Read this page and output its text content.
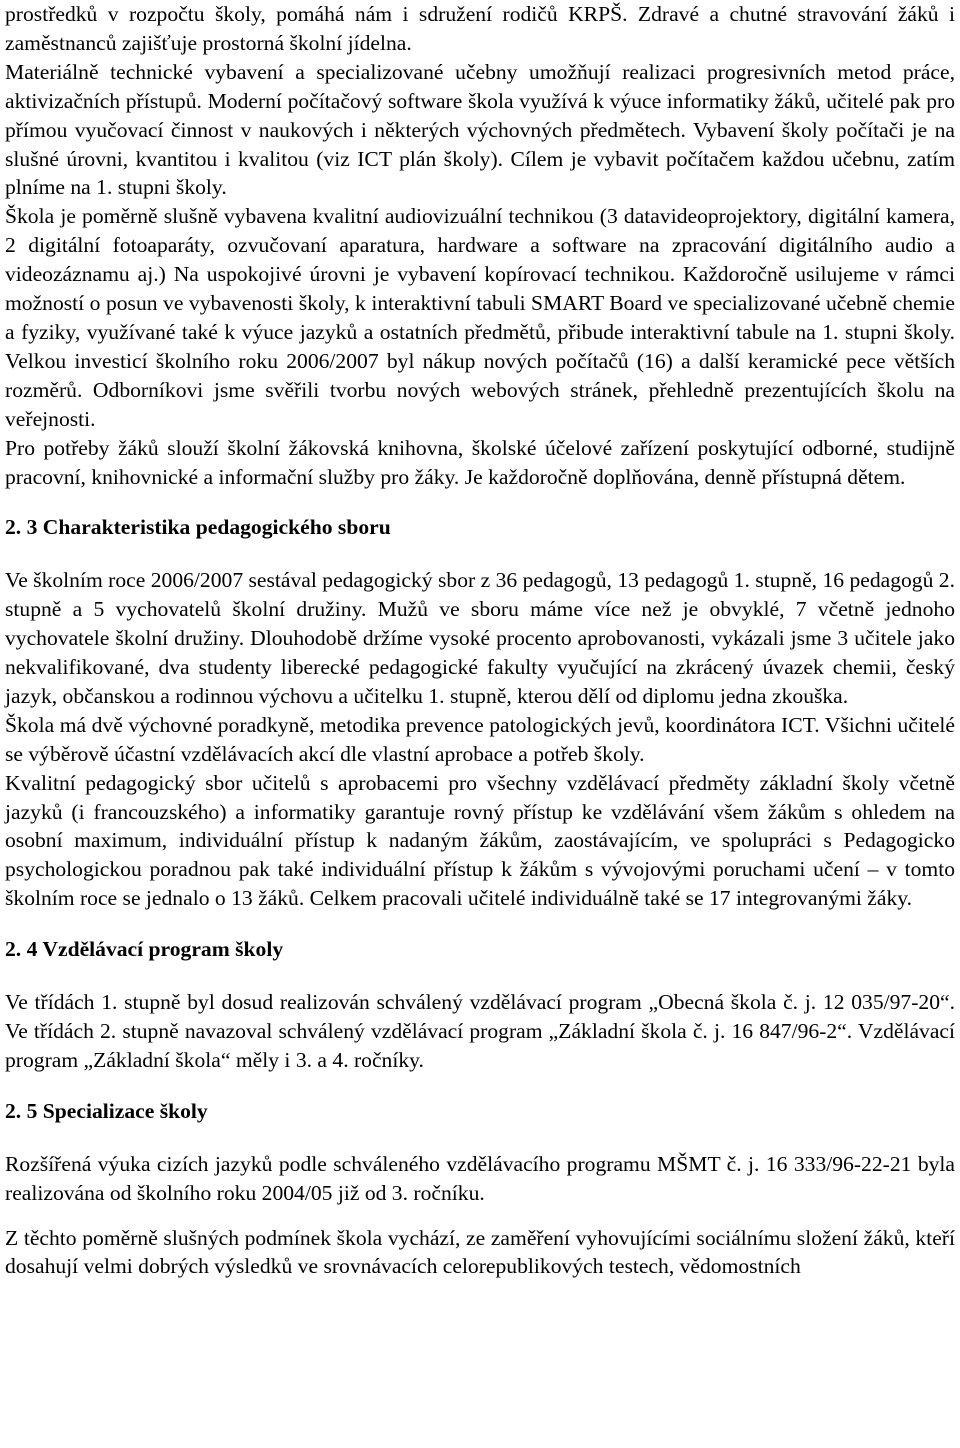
prostředků v rozpočtu školy, pomáhá nám i sdružení rodičů KRPŠ. Zdravé a chutné stravování žáků i zaměstnanců zajišťuje prostorná školní jídelna.

Materiálně technické vybavení a specializované učebny umožňují realizaci progresivních metod práce, aktivizačních přístupů. Moderní počítačový software škola využívá k výuce informatiky žáků, učitelé pak pro přímou vyučovací činnost v naukových i některých výchovných předmětech. Vybavení školy počítači je na slušné úrovni, kvantitou i kvalitou (viz ICT plán školy). Cílem je vybavit počítačem každou učebnu, zatím plníme na 1. stupni školy.

Škola je poměrně slušně vybavena kvalitní audiovizuální technikou (3 datavideoprojektory, digitální kamera, 2 digitální fotoaparáty, ozvučovaní aparatura, hardware a software na zpracování digitálního audio a videozáznamu aj.) Na uspokojivé úrovni je vybavení kopírovací technikou. Každoročně usilujeme v rámci možností o posun ve vybavenosti školy, k interaktivní tabuli SMART Board ve specializované učebně chemie a fyziky, využívané také k výuce jazyků a ostatních předmětů, přibude interaktivní tabule na 1. stupni školy. Velkou investicí školního roku 2006/2007 byl nákup nových počítačů (16) a další keramické pece větších rozměrů. Odborníkovi jsme svěřili tvorbu nových webových stránek, přehledně prezentujících školu na veřejnosti.

Pro potřeby žáků slouží školní žákovská knihovna, školské účelové zařízení poskytující odborné, studijně pracovní, knihovnické a informační služby pro žáky. Je každoročně doplňována, denně přístupná dětem.

2. 3 Charakteristika pedagogického sboru

Ve školním roce 2006/2007 sestával pedagogický sbor z 36 pedagogů, 13 pedagogů 1. stupně, 16 pedagogů 2. stupně a 5 vychovatelů školní družiny. Mužů ve sboru máme více než je obvyklé, 7 včetně jednoho vychovatele školní družiny. Dlouhodobě držíme vysoké procento aprobovanosti, vykázali jsme 3 učitele jako nekvalifikované, dva studenty liberecké pedagogické fakulty vyučující na zkrácený úvazek chemii, český jazyk, občanskou a rodinnou výchovu a učitelku 1. stupně, kterou dělí od diplomu jedna zkouška.

Škola má dvě výchovné poradkyně, metodika prevence patologických jevů, koordinátora ICT. Všichni učitelé se výběrově účastní vzdělávacích akcí dle vlastní aprobace a potřeb školy.

Kvalitní pedagogický sbor učitelů s aprobacemi pro všechny vzdělávací předměty základní školy včetně jazyků (i francouzského) a informatiky garantuje rovný přístup ke vzdělávání všem žákům s ohledem na osobní maximum, individuální přístup k nadaným žákům, zaostávajícím, ve spolupráci s Pedagogicko psychologickou poradnou pak také individuální přístup k žákům s vývojovými poruchami učení – v tomto školním roce se jednalo o 13 žáků. Celkem pracovali učitelé individuálně také se 17 integrovanými žáky.

2. 4 Vzdělávací program školy

Ve třídách 1. stupně byl dosud realizován schválený vzdělávací program „Obecná škola č. j. 12 035/97-20“. Ve třídách 2. stupně navazoval schválený vzdělávací program „Základní škola č. j. 16 847/96-2“. Vzdělávací program „Základní škola“ měly i 3. a 4. ročníky.

2. 5 Specializace školy

Rozšířená výuka cizích jazyků podle schváleného vzdělávacího programu MŠMT č. j. 16 333/96-22-21 byla realizována od školního roku 2004/05 již od 3. ročníku.

Z těchto poměrně slušných podmínek škola vychází, ze zaměření vyhovujícími sociálnímu složení žáků, kteří dosahují velmi dobrých výsledků ve srovnávacích celorepublikových testech, vědomostních
